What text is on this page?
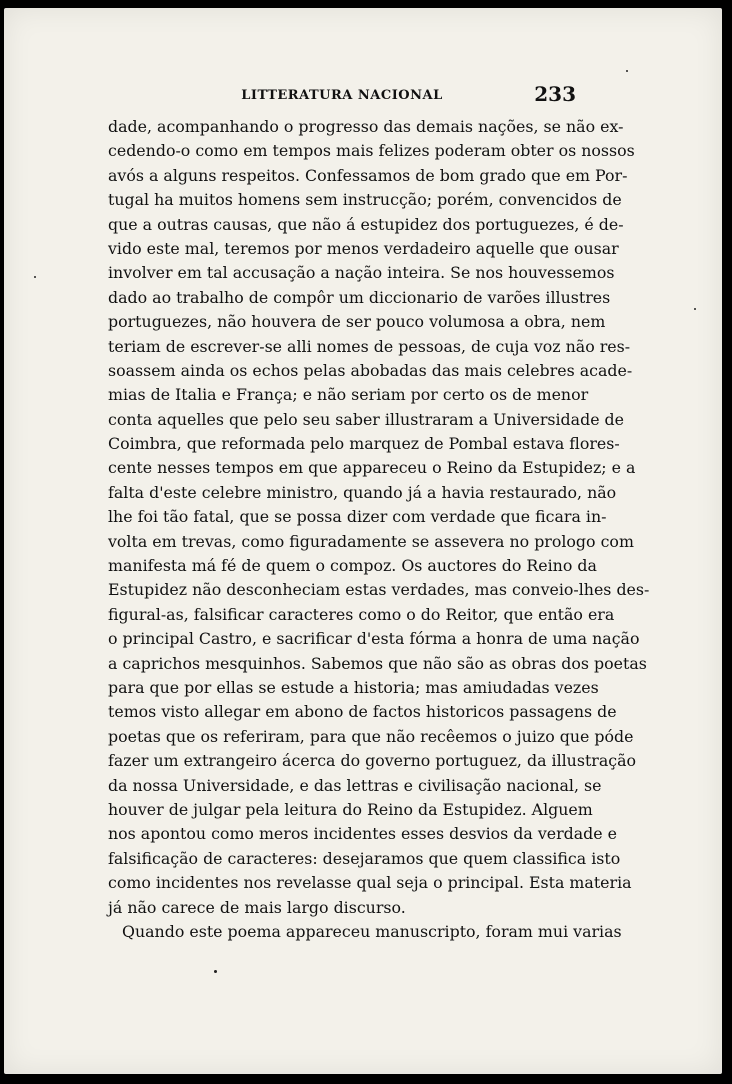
LITTERATURA NACIONAL	233
dade, acompanhando o progresso das demais nações, se não ex-
cedendo-o como em tempos mais felizes poderam obter os nossos
avós a alguns respeitos. Confessamos de bom grado que em Por-
tugal ha muitos homens sem instrucção; porém, convencidos de
que a outras causas, que não á estupidez dos portuguezes, é de-
vido este mal, teremos por menos verdadeiro aquelle que ousar
involver em tal accusação a nação inteira. Se nos houvessemos
dado ao trabalho de compôr um diccionario de varões illustres
portuguezes, não houvera de ser pouco volumosa a obra, nem
teriam de escrever-se alli nomes de pessoas, de cuja voz não res-
soassem ainda os echos pelas abobadas das mais celebres acade-
mias de Italia e França; e não seriam por certo os de menor
conta aquelles que pelo seu saber illustraram a Universidade de
Coimbra, que reformada pelo marquez de Pombal estava flores-
cente nesses tempos em que appareceu o Reino da Estupidez; e a
falta d'este celebre ministro, quando já a havia restaurado, não
lhe foi tão fatal, que se possa dizer com verdade que ficara in-
volta em trevas, como figuradamente se assevera no prologo com
manifesta má fé de quem o compoz. Os auctores do Reino da
Estupidez não desconheciam estas verdades, mas conveio-lhes des-
figural-as, falsificar caracteres como o do Reitor, que então era
o principal Castro, e sacrificar d'esta fórma a honra de uma nação
a caprichos mesquinhos. Sabemos que não são as obras dos poetas
para que por ellas se estude a historia; mas amiudadas vezes
temos visto allegar em abono de factos historicos passagens de
poetas que os referiram, para que não recêemos o juizo que póde
fazer um extrangeiro ácerca do governo portuguez, da illustração
da nossa Universidade, e das lettras e civilisação nacional, se
houver de julgar pela leitura do Reino da Estupidez. Alguem
nos apontou como meros incidentes esses desvios da verdade e
falsificação de caracteres: desejaramos que quem classifica isto
como incidentes nos revelasse qual seja o principal. Esta materia
já não carece de mais largo discurso.
Quando este poema appareceu manuscripto, foram mui varias
